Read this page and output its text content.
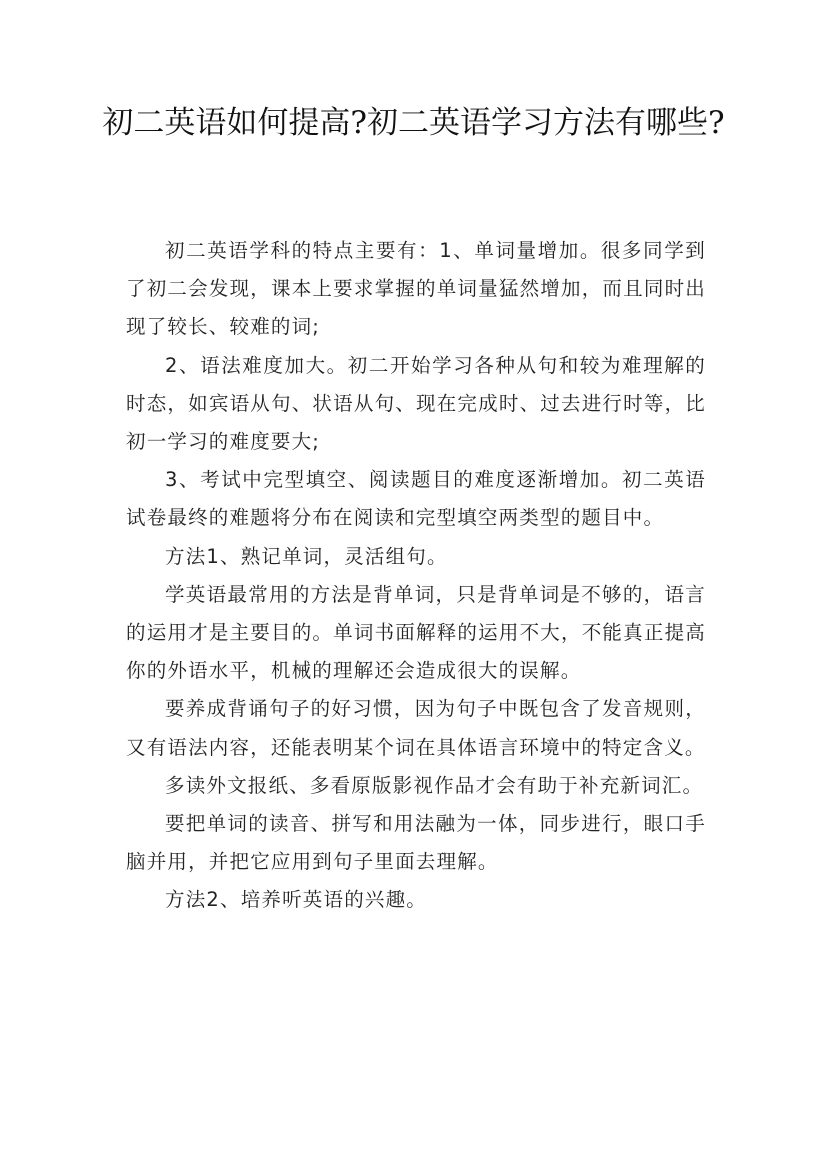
初二英语如何提高?初二英语学习方法有哪些?

初二英语学科的特点主要有：1、单词量增加。很多同学到了初二会发现，课本上要求掌握的单词量猛然增加，而且同时出现了较长、较难的词;

2、语法难度加大。初二开始学习各种从句和较为难理解的时态，如宾语从句、状语从句、现在完成时、过去进行时等，比初一学习的难度要大;

3、考试中完型填空、阅读题目的难度逐渐增加。初二英语试卷最终的难题将分布在阅读和完型填空两类型的题目中。

方法1、熟记单词，灵活组句。

学英语最常用的方法是背单词，只是背单词是不够的，语言的运用才是主要目的。单词书面解释的运用不大，不能真正提高你的外语水平，机械的理解还会造成很大的误解。

要养成背诵句子的好习惯，因为句子中既包含了发音规则，又有语法内容，还能表明某个词在具体语言环境中的特定含义。

多读外文报纸、多看原版影视作品才会有助于补充新词汇。

要把单词的读音、拼写和用法融为一体，同步进行，眼口手脑并用，并把它应用到句子里面去理解。

方法2、培养听英语的兴趣。
